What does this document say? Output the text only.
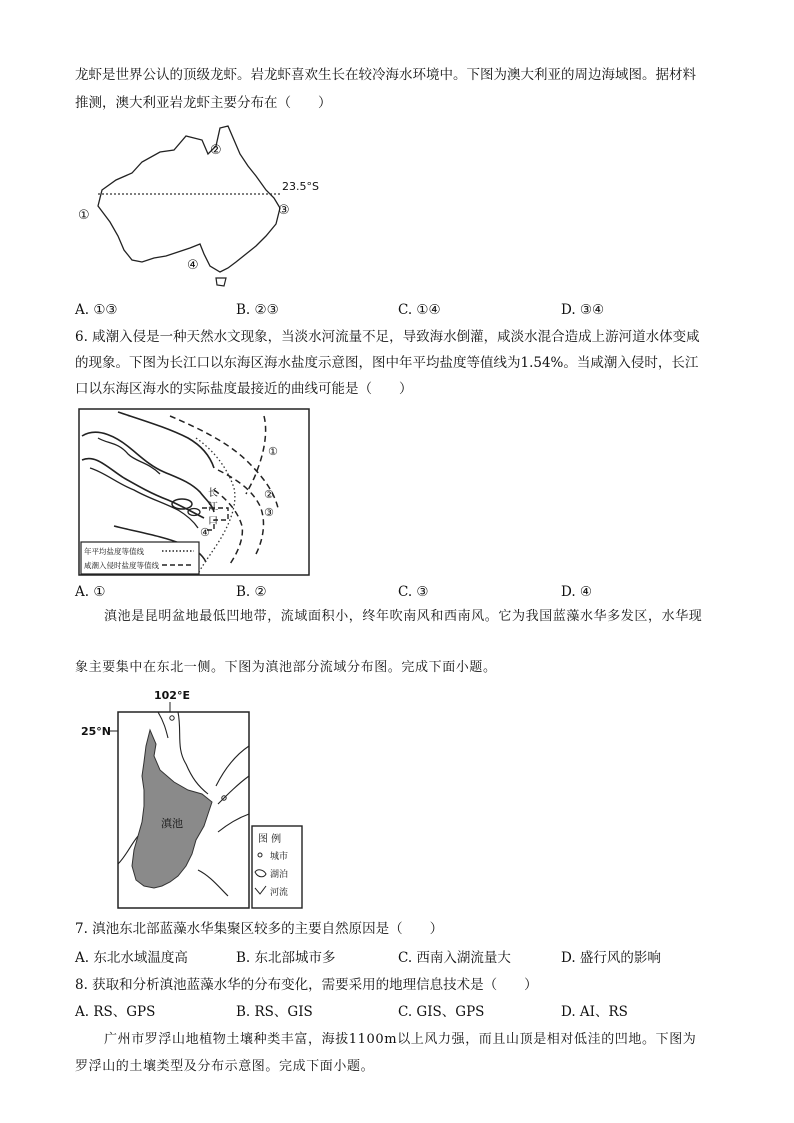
龙虾是世界公认的顶级龙虾。岩龙虾喜欢生长在较冷海水环境中。下图为澳大利亚的周边海域图。据材料
推测，澳大利亚岩龙虾主要分布在（　　）
23.5°S
①
②
③
④
A. ①③	B. ②③	C. ①④	D. ③④
6. 咸潮入侵是一种天然水文现象，当淡水河流量不足，导致海水倒灌，咸淡水混合造成上游河道水体变咸
的现象。下图为长江口以东海区海水盐度示意图，图中年平均盐度等值线为1.54%。当咸潮入侵时，长江
口以东海区海水的实际盐度最接近的曲线可能是（　　）
长
江
口
①
②
③
④
年平均盐度等值线
咸潮入侵时盐度等值线
A. ①	B. ②	C. ③	D. ④
滇池是昆明盆地最低凹地带，流域面积小，终年吹南风和西南风。它为我国蓝藻水华多发区，水华现
象主要集中在东北一侧。下图为滇池部分流域分布图。完成下面小题。
102°E
25°N
滇池
图 例
城市
湖泊
河流
7. 滇池东北部蓝藻水华集聚区较多的主要自然原因是（　　）
A. 东北水域温度高	B. 东北部城市多	C. 西南入湖流量大	D. 盛行风的影响
8. 获取和分析滇池蓝藻水华的分布变化，需要采用的地理信息技术是（　　）
A. RS、GPS	B. RS、GIS	C. GIS、GPS	D. AI、RS
广州市罗浮山地植物土壤种类丰富，海拔1100m以上风力强，而且山顶是相对低洼的凹地。下图为
罗浮山的土壤类型及分布示意图。完成下面小题。
